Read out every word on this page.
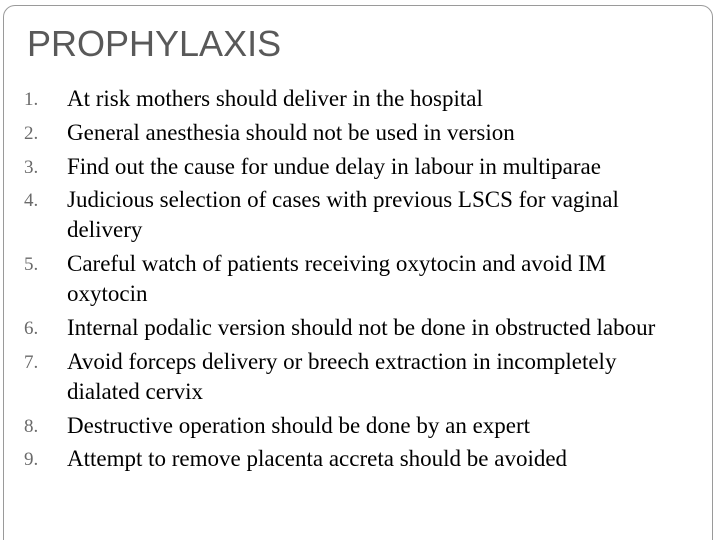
PROPHYLAXIS
1. At risk mothers should deliver in the hospital
2. General anesthesia should not be used in version
3. Find out the cause for undue delay in labour in multiparae
4. Judicious selection of cases with previous LSCS for vaginal delivery
5. Careful watch of patients receiving oxytocin and avoid IM oxytocin
6. Internal podalic version should not be done in obstructed labour
7. Avoid forceps delivery or breech extraction in incompletely dialated cervix
8. Destructive operation should be done by an expert
9. Attempt to remove placenta accreta should be avoided
